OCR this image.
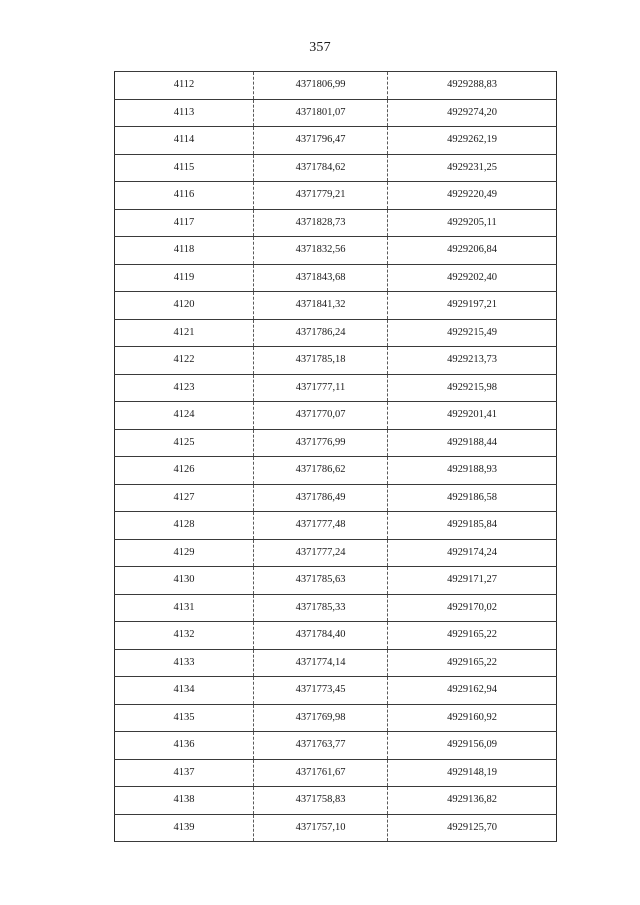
357
4112	4371806,99	4929288,83
4113	4371801,07	4929274,20
4114	4371796,47	4929262,19
4115	4371784,62	4929231,25
4116	4371779,21	4929220,49
4117	4371828,73	4929205,11
4118	4371832,56	4929206,84
4119	4371843,68	4929202,40
4120	4371841,32	4929197,21
4121	4371786,24	4929215,49
4122	4371785,18	4929213,73
4123	4371777,11	4929215,98
4124	4371770,07	4929201,41
4125	4371776,99	4929188,44
4126	4371786,62	4929188,93
4127	4371786,49	4929186,58
4128	4371777,48	4929185,84
4129	4371777,24	4929174,24
4130	4371785,63	4929171,27
4131	4371785,33	4929170,02
4132	4371784,40	4929165,22
4133	4371774,14	4929165,22
4134	4371773,45	4929162,94
4135	4371769,98	4929160,92
4136	4371763,77	4929156,09
4137	4371761,67	4929148,19
4138	4371758,83	4929136,82
4139	4371757,10	4929125,70
